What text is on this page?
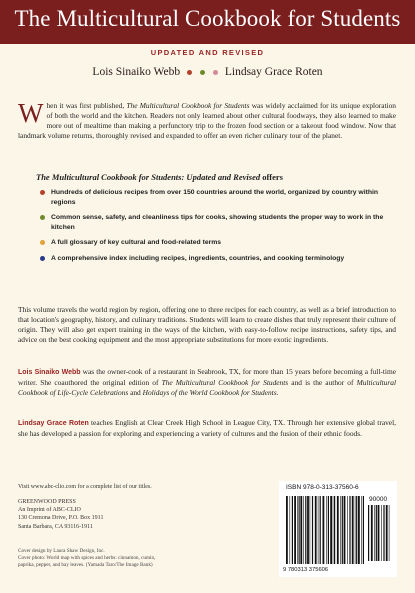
The Multicultural Cookbook for Students
UPDATED AND REVISED
Lois Sinaiko Webb	Lindsay Grace Roten
When it was first published, The Multicultural Cookbook for Students was widely acclaimed for its unique exploration of both the world and the kitchen. Readers not only learned about other cultural foodways, they also learned to make more out of mealtime than making a perfunctory trip to the frozen food section or a takeout food window. Now that landmark volume returns, thoroughly revised and expanded to offer an even richer culinary tour of the planet.
The Multicultural Cookbook for Students: Updated and Revised offers
Hundreds of delicious recipes from over 150 countries around the world, organized by country within regions
Common sense, safety, and cleanliness tips for cooks, showing students the proper way to work in the kitchen
A full glossary of key cultural and food-related terms
A comprehensive index including recipes, ingredients, countries, and cooking terminology
This volume travels the world region by region, offering one to three recipes for each country, as well as a brief introduction to that location's geography, history, and culinary traditions. Students will learn to create dishes that truly represent their culture of origin. They will also get expert training in the ways of the kitchen, with easy-to-follow recipe instructions, safety tips, and advice on the best cooking equipment and the most appropriate substitutions for more exotic ingredients.
Lois Sinaiko Webb was the owner-cook of a restaurant in Seabrook, TX, for more than 15 years before becoming a full-time writer. She coauthored the original edition of The Multicultural Cookbook for Students and is the author of Multicultural Cookbook of Life-Cycle Celebrations and Holidays of the World Cookbook for Students.
Lindsay Grace Roten teaches English at Clear Creek High School in League City, TX. Through her extensive global travel, she has developed a passion for exploring and experiencing a variety of cultures and the fusion of their ethnic foods.
Visit www.abc-clio.com for a complete list of our titles.
GREENWOOD PRESS
An Imprint of ABC-CLIO
130 Cremona Drive, P.O. Box 1911
Santa Barbara, CA 93116-1911
Cover design by Laura Shaw Design, Inc.
Cover photo: World map with spices and herbs: cinnamon, cumin,
paprika, pepper, and bay leaves. (Yamada Taro/The Image Bank)
ISBN 978-0-313-37560-6
90000
9 780313 375606
